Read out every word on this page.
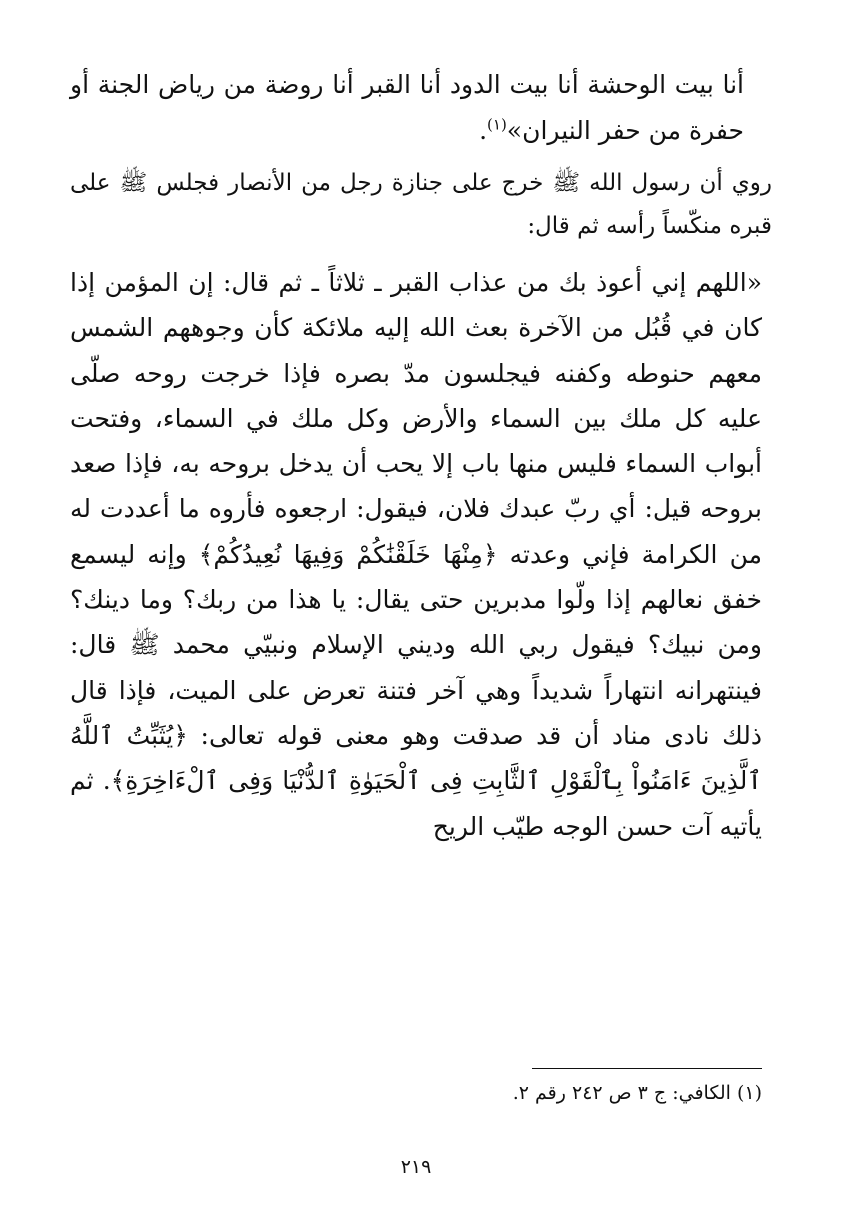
أنا بيت الوحشة أنا بيت الدود أنا القبر أنا روضة من رياض الجنة أو حفرة من حفر النيران»$^{(١)}$.

روي أن رسول الله ﷺ خرج على جنازة رجل من الأنصار فجلس ﷺ على قبره منكّساً رأسه ثم قال:

«اللهم إني أعوذ بك من عذاب القبر ـ ثلاثاً ـ ثم قال: إن المؤمن إذا كان في قُبُل من الآخرة بعث الله إليه ملائكة كأن وجوههم الشمس معهم حنوطه وكفنه فيجلسون مدّ بصره فإذا خرجت روحه صلّى عليه كل ملك بين السماء والأرض وكل ملك في السماء، وفتحت أبواب السماء فليس منها باب إلا يحب أن يدخل بروحه به، فإذا صعد بروحه قيل: أي ربّ عبدك فلان، فيقول: ارجعوه فأروه ما أعددت له من الكرامة فإني وعدته ﴿مِنْهَا خَلَقْنَٰكُمْ وَفِيهَا نُعِيدُكُمْ﴾ وإنه ليسمع خفق نعالهم إذا ولّوا مدبرين حتى يقال: يا هذا من ربك؟ وما دينك؟ ومن نبيك؟ فيقول ربي الله وديني الإسلام ونبيّي محمد ﷺ قال: فينتهرانه انتهاراً شديداً وهي آخر فتنة تعرض على الميت، فإذا قال ذلك نادى مناد أن قد صدقت وهو معنى قوله تعالى: ﴿يُثَبِّتُ ٱللَّهُ ٱلَّذِينَ ءَامَنُواْ بِٱلْقَوْلِ ٱلثَّابِتِ فِى ٱلْحَيَوٰةِ ٱلدُّنْيَا وَفِى ٱلْءَاخِرَةِ﴾. ثم يأتيه آت حسن الوجه طيّب الريح

(١) الكافي: ج ٣ ص ٢٤٢ رقم ٢.
٢١٩
